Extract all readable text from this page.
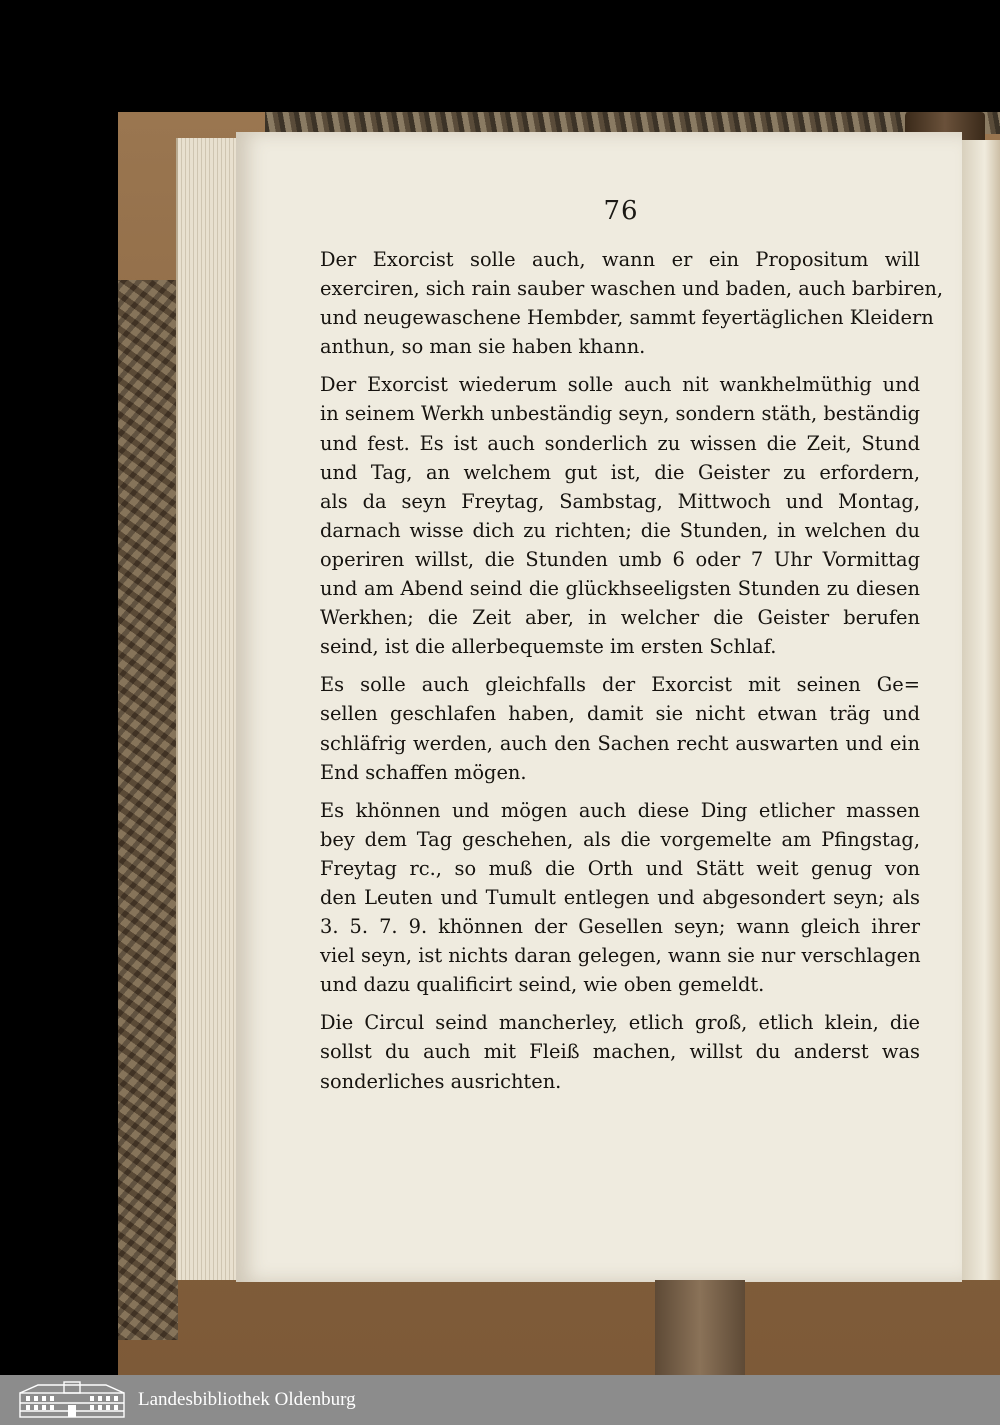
76
Der Exorcist solle auch, wann er ein Propositum will
exerciren, sich rain sauber waschen und baden, auch barbiren,
und neugewaschene Hembder, sammt feyertäglichen Kleidern
anthun, so man sie haben khann.
Der Exorcist wiederum solle auch nit wankhelmüthig und
in seinem Werkh unbeständig seyn, sondern stäth, beständig
und fest. Es ist auch sonderlich zu wissen die Zeit, Stund
und Tag, an welchem gut ist, die Geister zu erfordern,
als da seyn Freytag, Sambstag, Mittwoch und Montag,
darnach wisse dich zu richten; die Stunden, in welchen du
operiren willst, die Stunden umb 6 oder 7 Uhr Vormittag
und am Abend seind die glückhseeligsten Stunden zu diesen
Werkhen; die Zeit aber, in welcher die Geister berufen
seind, ist die allerbequemste im ersten Schlaf.
Es solle auch gleichfalls der Exorcist mit seinen Ge=
sellen geschlafen haben, damit sie nicht etwan träg und
schläfrig werden, auch den Sachen recht auswarten und ein
End schaffen mögen.
Es khönnen und mögen auch diese Ding etlicher massen
bey dem Tag geschehen, als die vorgemelte am Pfingstag,
Freytag rc., so muß die Orth und Stätt weit genug von
den Leuten und Tumult entlegen und abgesondert seyn; als
3. 5. 7. 9. khönnen der Gesellen seyn; wann gleich ihrer
viel seyn, ist nichts daran gelegen, wann sie nur verschlagen
und dazu qualificirt seind, wie oben gemeldt.
Die Circul seind mancherley, etlich groß, etlich klein, die
sollst du auch mit Fleiß machen, willst du anderst was
sonderliches ausrichten.
Landesbibliothek Oldenburg
